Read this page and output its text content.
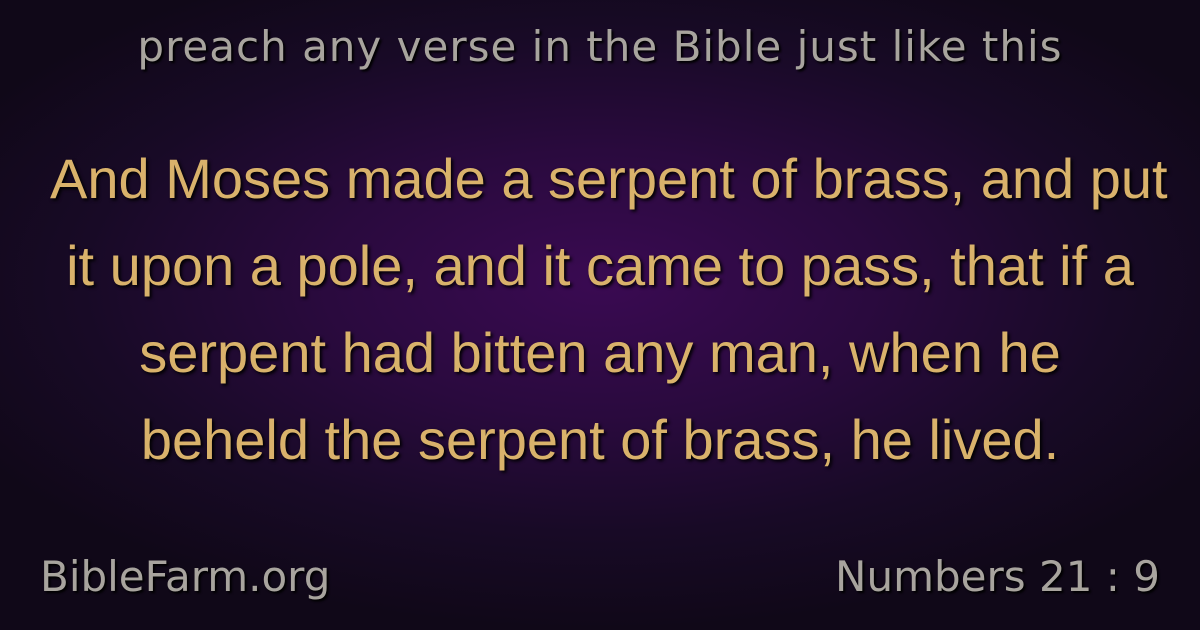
preach any verse in the Bible just like this
And Moses made a serpent of brass, and put
it upon a pole, and it came to pass, that if a
serpent had bitten any man, when he
beheld the serpent of brass, he lived.
BibleFarm.org	Numbers 21 : 9
